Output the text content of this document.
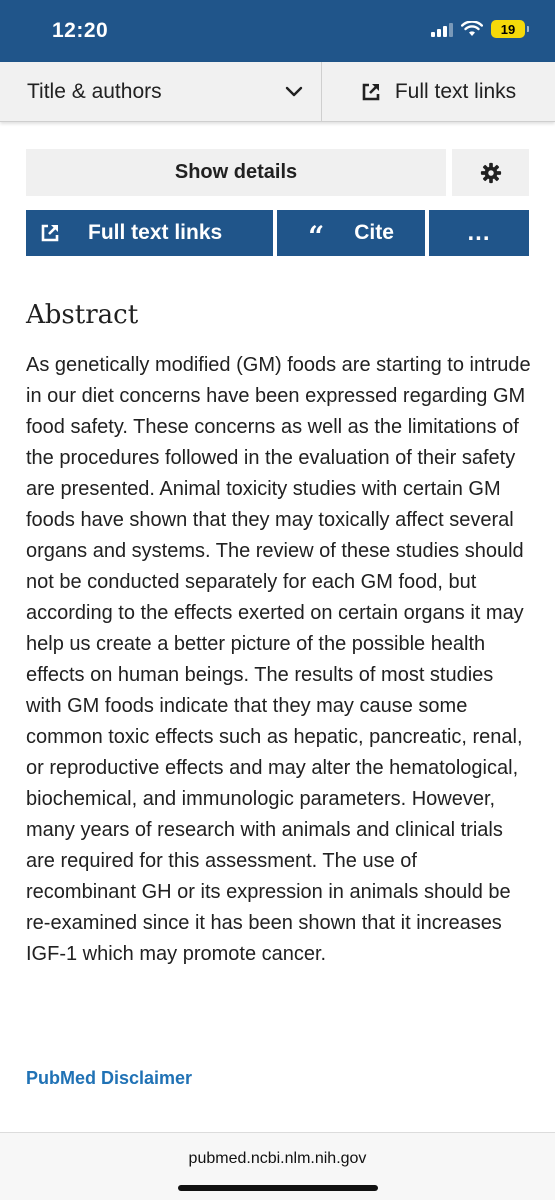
12:20	19
Title & authors	Full text links
Show details
Full text links	“ Cite	...
Abstract

As genetically modified (GM) foods are starting to intrude in our diet concerns have been expressed regarding GM food safety. These concerns as well as the limitations of the procedures followed in the evaluation of their safety are presented. Animal toxicity studies with certain GM foods have shown that they may toxically affect several organs and systems. The review of these studies should not be conducted separately for each GM food, but according to the effects exerted on certain organs it may help us create a better picture of the possible health effects on human beings. The results of most studies with GM foods indicate that they may cause some common toxic effects such as hepatic, pancreatic, renal, or reproductive effects and may alter the hematological, biochemical, and immunologic parameters. However, many years of research with animals and clinical trials are required for this assessment. The use of recombinant GH or its expression in animals should be re-examined since it has been shown that it increases IGF-1 which may promote cancer.

PubMed Disclaimer
pubmed.ncbi.nlm.nih.gov
